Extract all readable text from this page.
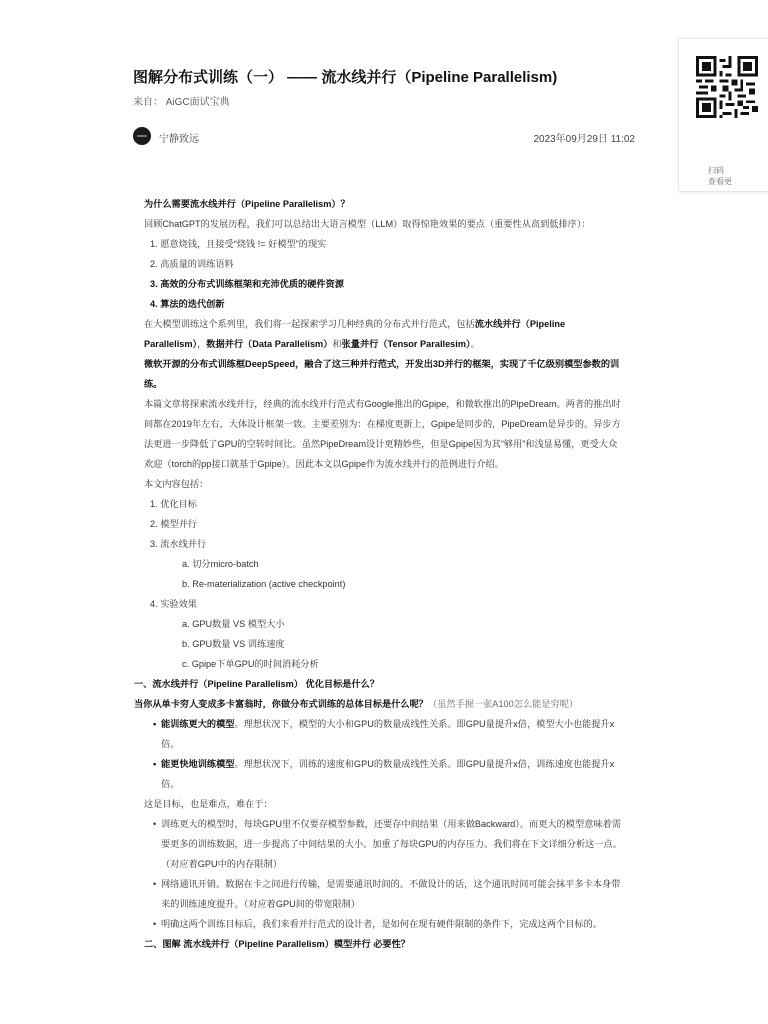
图解分布式训练（一） —— 流水线并行（Pipeline Parallelism)
来自： AiGC面试宝典
宁静致远	2023年09月29日 11:02
扫码
查看更

为什么需要流水线并行（Pipeline Parallelism）？

回顾ChatGPT的发展历程，我们可以总结出大语言模型（LLM）取得惊艳效果的要点（重要性从高到低排序）：

1. 愿意烧钱，且接受“烧钱 != 好模型”的现实
2. 高质量的训练语料
3. 高效的分布式训练框架和充沛优质的硬件资源
4. 算法的迭代创新

在大模型训练这个系列里，我们将一起探索学习几种经典的分布式并行范式，包括流水线并行（Pipeline Parallelism），数据并行（Data Parallelism）和张量并行（Tensor Parallesim）。

微软开源的分布式训练框DeepSpeed，融合了这三种并行范式，开发出3D并行的框架，实现了千亿级别模型参数的训练。

本篇文章将探索流水线并行，经典的流水线并行范式有Google推出的Gpipe，和微软推出的PipeDream。两者的推出时间都在2019年左右，大体设计框架一致。主要差别为：在梯度更新上，Gpipe是同步的，PipeDream是异步的。异步方法更进一步降低了GPU的空转时间比。虽然PipeDream设计更精妙些，但是Gpipe因为其“够用”和浅显易懂，更受大众欢迎（torch的pp接口就基于Gpipe）。因此本文以Gpipe作为流水线并行的范例进行介绍。

本文内容包括：

1. 优化目标
2. 模型并行
3. 流水线并行
a. 切分micro-batch
b. Re-materialization (active checkpoint)
4. 实验效果
a. GPU数量 VS 模型大小
b. GPU数量 VS 训练速度
c. Gpipe下单GPU的时间消耗分析

一、流水线并行（Pipeline Parallelism） 优化目标是什么？

当你从单卡穷人变成多卡富翁时，你做分布式训练的总体目标是什么呢？（虽然手握一张A100怎么能是穷呢）

• 能训练更大的模型。理想状况下，模型的大小和GPU的数量成线性关系。即GPU量提升x倍，模型大小也能提升x倍。
• 能更快地训练模型。理想状况下，训练的速度和GPU的数量成线性关系。即GPU量提升x倍，训练速度也能提升x倍。

这是目标，也是难点，难在于：

• 训练更大的模型时，每块GPU里不仅要存模型参数，还要存中间结果（用来做Backward）。而更大的模型意味着需要更多的训练数据，进一步提高了中间结果的大小。加重了每块GPU的内存压力。我们将在下文详细分析这一点。（对应着GPU中的内存限制）
• 网络通讯开销。数据在卡之间进行传输，是需要通讯时间的。不做设计的话，这个通讯时间可能会抹平多卡本身带来的训练速度提升。（对应着GPU间的带宽限制）
• 明确这两个训练目标后，我们来看并行范式的设计者，是如何在现有硬件限制的条件下，完成这两个目标的。

二、图解 流水线并行（Pipeline Parallelism）模型并行 必要性？
